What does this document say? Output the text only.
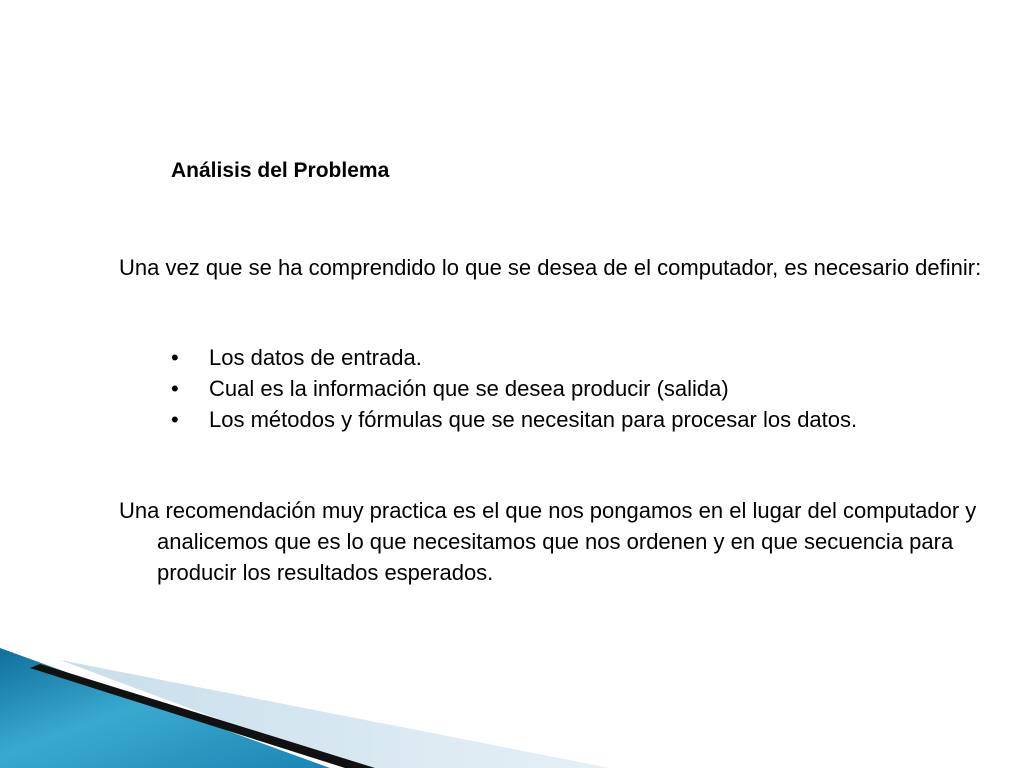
Análisis del Problema

Una vez que se ha comprendido lo que se desea de el computador, es necesario definir:

• Los datos de entrada.
• Cual es la información que se desea producir (salida)
• Los métodos y fórmulas que se necesitan para procesar los datos.

Una recomendación muy practica es el que nos pongamos en el lugar del computador y analicemos que es lo que necesitamos que nos ordenen y en que secuencia para producir los resultados esperados.
